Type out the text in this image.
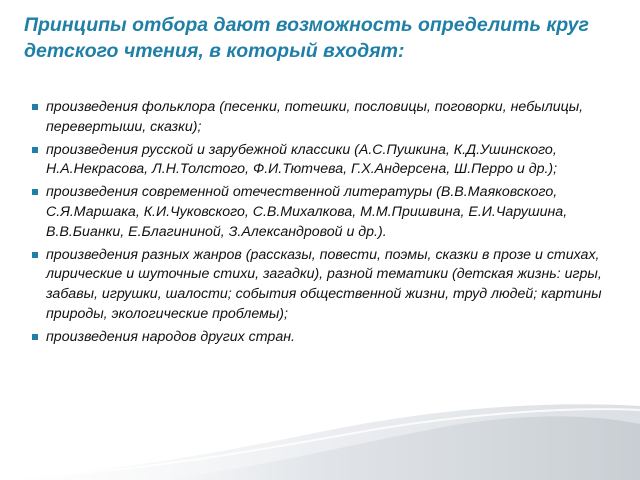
Принципы отбора дают возможность определить круг детского чтения, в который входят:
произведения фольклора (песенки, потешки, пословицы, поговорки, небылицы, перевертыши, сказки);
произведения русской и зарубежной классики (А.С.Пушкина, К.Д.Ушинского, Н.А.Некрасова, Л.Н.Толстого, Ф.И.Тютчева, Г.Х.Андерсена, Ш.Перро и др.);
произведения современной отечественной литературы (В.В.Маяковского, С.Я.Маршака, К.И.Чуковского, С.В.Михалкова, М.М.Пришвина, Е.И.Чарушина, В.В.Бианки, Е.Благининой, З.Александровой и др.).
произведения разных жанров (рассказы, повести, поэмы, сказки в прозе и стихах, лирические и шуточные стихи, загадки), разной тематики (детская жизнь: игры, забавы, игрушки, шалости; события общественной жизни, труд людей; картины природы, экологические проблемы);
произведения народов других стран.
